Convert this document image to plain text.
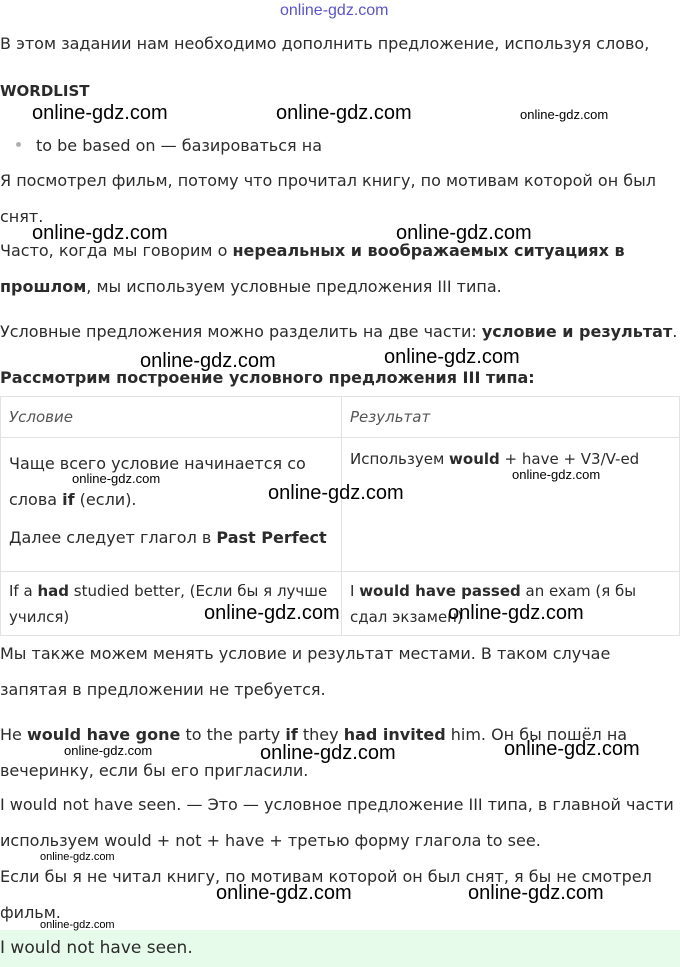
online-gdz.com
В этом задании нам необходимо дополнить предложение, используя слово,
WORDLIST
to be based on — базироваться на
Я посмотрел фильм, потому что прочитал книгу, по мотивам которой он был снят.
Часто, когда мы говорим о нереальных и воображаемых ситуациях в прошлом, мы используем условные предложения III типа.
Условные предложения можно разделить на две части: условие и результат.
Рассмотрим построение условного предложения III типа:
Условие	Результат

Чаще всего условие начинается со слова if (если).
Далее следует глагол в Past Perfect	Используем would + have + V3/V-ed
If a had studied better, (Если бы я лучше учился)	I would have passed an exam (я бы сдал экзамен)
Мы также можем менять условие и результат местами. В таком случае запятая в предложении не требуется.
He would have gone to the party if they had invited him. Он бы пошёл на вечеринку, если бы его пригласили.
I would not have seen. — Это — условное предложение III типа, в главной части используем would + not + have + третью форму глагола to see.
Если бы я не читал книгу, по мотивам которой он был снят, я бы не смотрел фильм.
I would not have seen.
online-gdz.com	online-gdz.com	online-gdz.com
online-gdz.com	online-gdz.com
online-gdz.com	online-gdz.com
online-gdz.com
online-gdz.com
online-gdz.com
online-gdz.com	online-gdz.com
online-gdz.com	online-gdz.com	online-gdz.com
online-gdz.com
online-gdz.com	online-gdz.com
online-gdz.com
